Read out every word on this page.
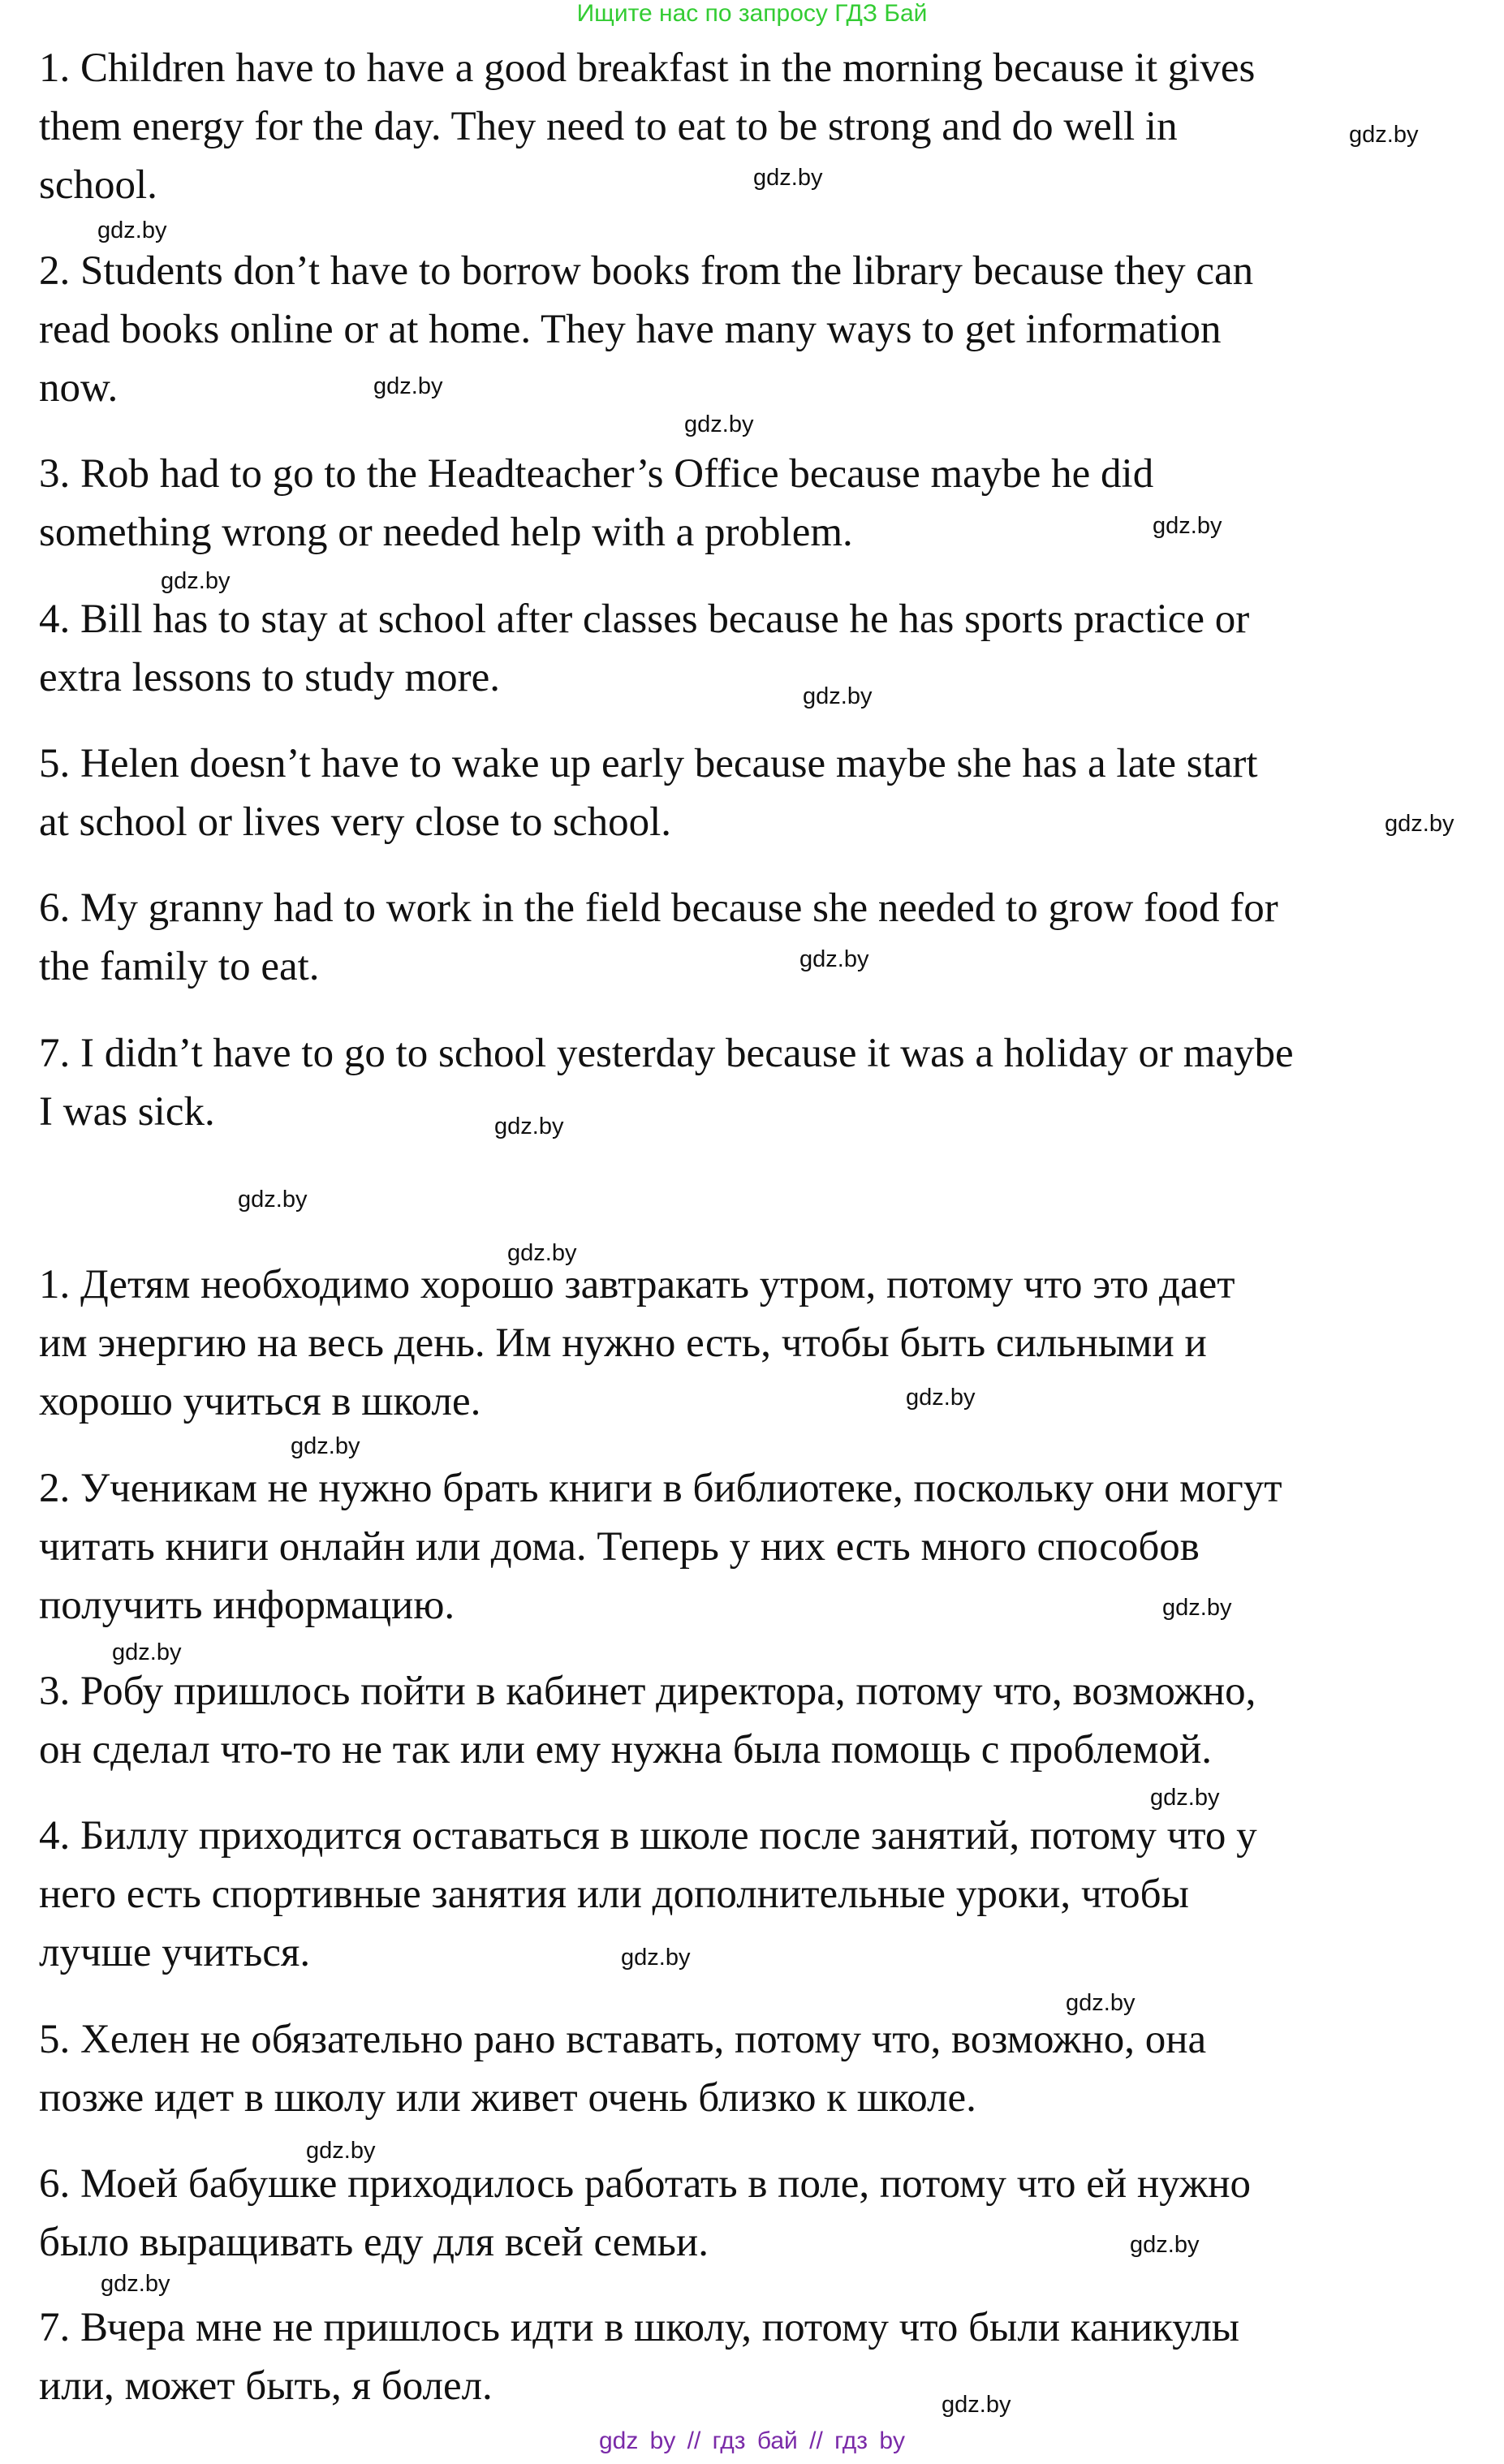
Ищите нас по запросу ГДЗ Бай

1. Children have to have a good breakfast in the morning because it gives
them energy for the day. They need to eat to be strong and do well in
school.

2. Students don’t have to borrow books from the library because they can
read books online or at home. They have many ways to get information
now.

3. Rob had to go to the Headteacher’s Office because maybe he did
something wrong or needed help with a problem.

4. Bill has to stay at school after classes because he has sports practice or
extra lessons to study more.

5. Helen doesn’t have to wake up early because maybe she has a late start
at school or lives very close to school.

6. My granny had to work in the field because she needed to grow food for
the family to eat.

7. I didn’t have to go to school yesterday because it was a holiday or maybe
I was sick.

1. Детям необходимо хорошо завтракать утром, потому что это дает
им энергию на весь день. Им нужно есть, чтобы быть сильными и
хорошо учиться в школе.

2. Ученикам не нужно брать книги в библиотеке, поскольку они могут
читать книги онлайн или дома. Теперь у них есть много способов
получить информацию.

3. Робу пришлось пойти в кабинет директора, потому что, возможно,
он сделал что-то не так или ему нужна была помощь с проблемой.

4. Биллу приходится оставаться в школе после занятий, потому что у
него есть спортивные занятия или дополнительные уроки, чтобы
лучше учиться.

5. Хелен не обязательно рано вставать, потому что, возможно, она
позже идет в школу или живет очень близко к школе.

6. Моей бабушке приходилось работать в поле, потому что ей нужно
было выращивать еду для всей семьи.

7. Вчера мне не пришлось идти в школу, потому что были каникулы
или, может быть, я болел.

gdz.by
gdz.by
gdz.by
gdz.by
gdz.by
gdz.by
gdz.by
gdz.by
gdz.by
gdz.by
gdz.by
gdz.by
gdz.by
gdz.by
gdz.by
gdz.by
gdz.by
gdz.by
gdz.by
gdz.by
gdz.by
gdz.by
gdz.by
gdz.by
gdz by // гдз бай // гдз by
